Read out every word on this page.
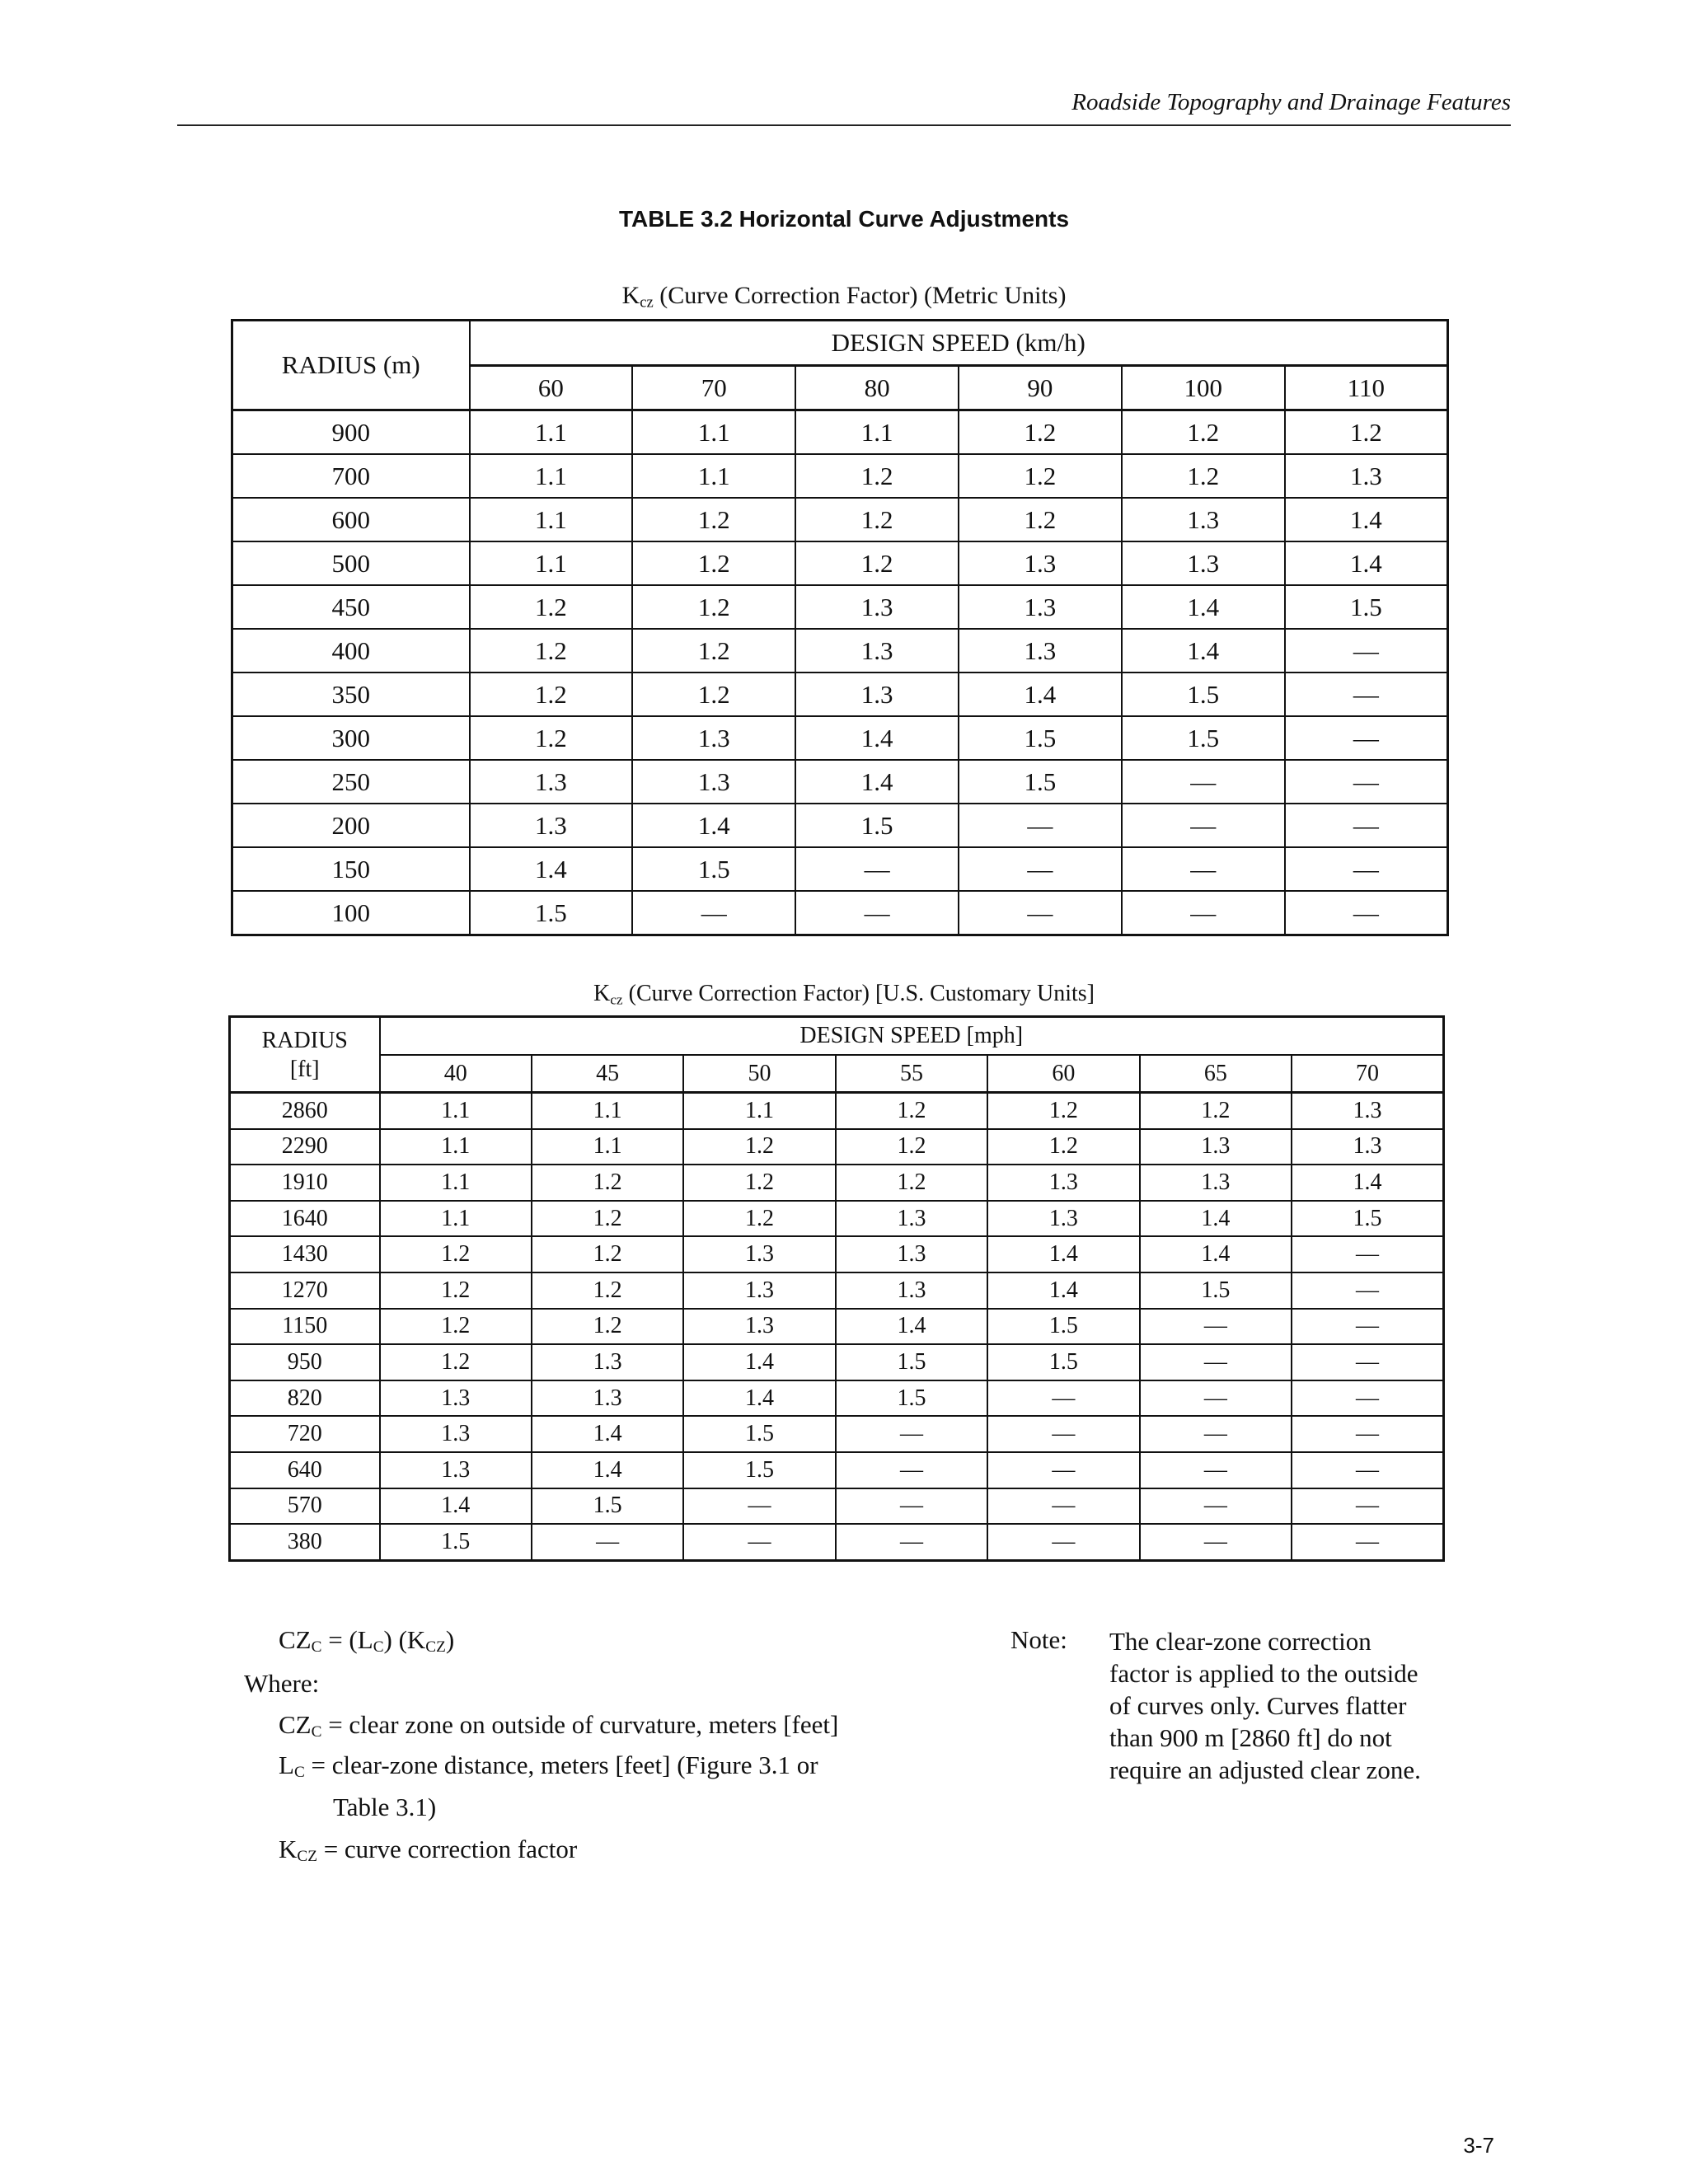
Roadside Topography and Drainage Features
TABLE 3.2 Horizontal Curve Adjustments
$K_{cz}$ (Curve Correction Factor) (Metric Units)
RADIUS (m)	DESIGN SPEED (km/h)					
	60	70	80	90	100	110
900	1.1	1.1	1.1	1.2	1.2	1.2
700	1.1	1.1	1.2	1.2	1.2	1.3
600	1.1	1.2	1.2	1.2	1.3	1.4
500	1.1	1.2	1.2	1.3	1.3	1.4
450	1.2	1.2	1.3	1.3	1.4	1.5
400	1.2	1.2	1.3	1.3	1.4	—
350	1.2	1.2	1.3	1.4	1.5	—
300	1.2	1.3	1.4	1.5	1.5	—
250	1.3	1.3	1.4	1.5	—	—
200	1.3	1.4	1.5	—	—	—
150	1.4	1.5	—	—	—	—
100	1.5	—	—	—	—	—
$K_{cz}$ (Curve Correction Factor) [U.S. Customary Units]
RADIUS
[ft]	DESIGN SPEED [mph]						
	40	45	50	55	60	65	70
2860	1.1	1.1	1.1	1.2	1.2	1.2	1.3
2290	1.1	1.1	1.2	1.2	1.2	1.3	1.3
1910	1.1	1.2	1.2	1.2	1.3	1.3	1.4
1640	1.1	1.2	1.2	1.3	1.3	1.4	1.5
1430	1.2	1.2	1.3	1.3	1.4	1.4	—
1270	1.2	1.2	1.3	1.3	1.4	1.5	—
1150	1.2	1.2	1.3	1.4	1.5	—	—
950	1.2	1.3	1.4	1.5	1.5	—	—
820	1.3	1.3	1.4	1.5	—	—	—
720	1.3	1.4	1.5	—	—	—	—
640	1.3	1.4	1.5	—	—	—	—
570	1.4	1.5	—	—	—	—	—
380	1.5	—	—	—	—	—	—
$CZ_C = (L_C)$ $(K_{CZ})$
Where:
$CZ_C$ = clear zone on outside of curvature, meters [feet]
$L_C$ = clear-zone distance, meters [feet] (Figure 3.1 or
Table 3.1)
$K_{CZ}$ = curve correction factor
Note: The clear-zone correction factor is applied to the outside of curves only. Curves flatter than 900 m [2860 ft] do not require an adjusted clear zone.
3-7
